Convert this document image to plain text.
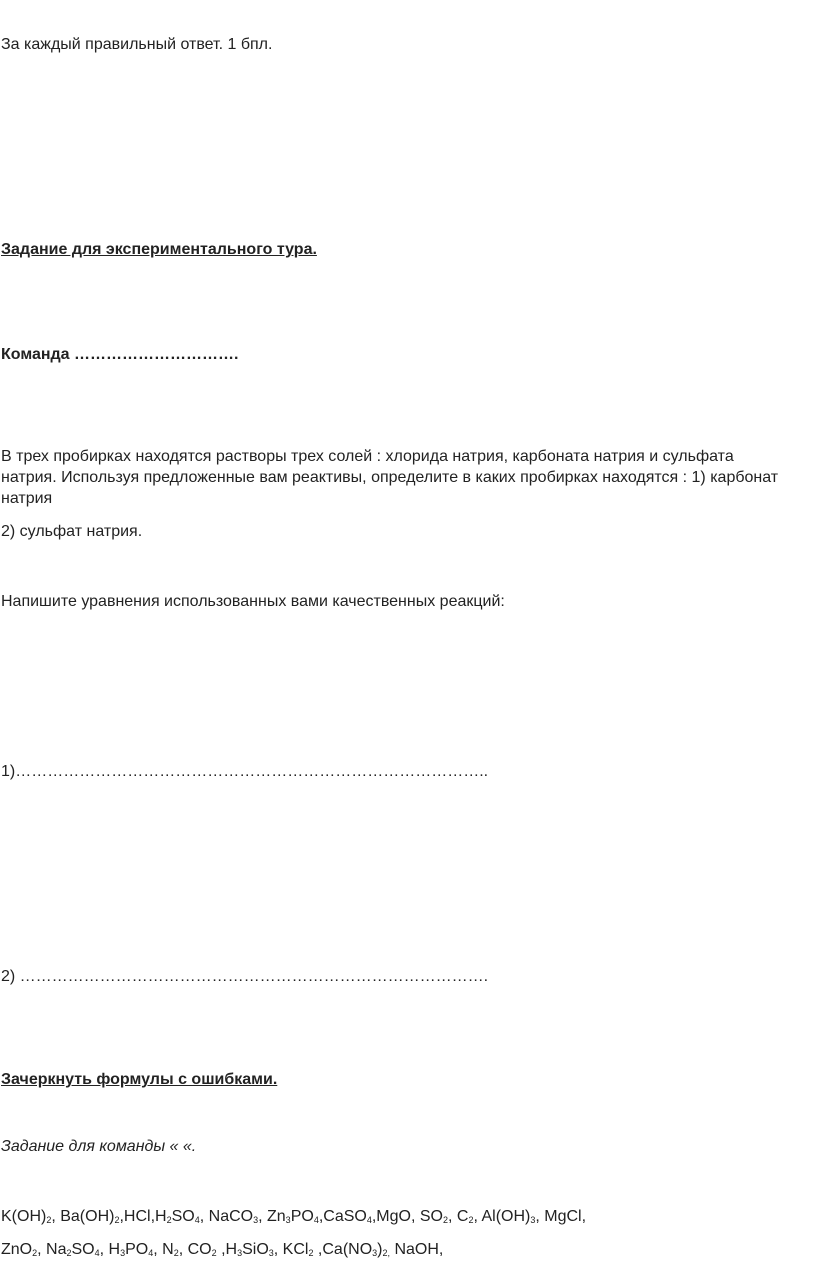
За каждый правильный ответ. 1 бпл.
Задание для экспериментального тура.
Команда ………………………….
В трех пробирках находятся растворы трех солей : хлорида натрия, карбоната натрия и сульфата натрия. Используя предложенные вам реактивы, определите в каких пробирках находятся : 1) карбонат натрия
2) сульфат натрия.
Напишите уравнения использованных вами качественных реакций:
1)……………………………………………………………………………..
2) …………………………………………………………………………….
Зачеркнуть формулы с ошибками.
Задание для команды « «.
$K(OH)_2$, $Ba(OH)_2,HCl,H_2SO_4$, NaCO$_3$, $Zn_3PO_4,CaSO_4,MgO$, $SO_2$, $C_2$, $Al(OH)_3$, MgCl,
ZnO$_2$, $Na_2SO_4$, $H_3PO_4$, $N_2$, $CO_2$ $,H_3SiO_3$, KCl$_2$ $,Ca(NO_3)_{2,}$ NaOH,
